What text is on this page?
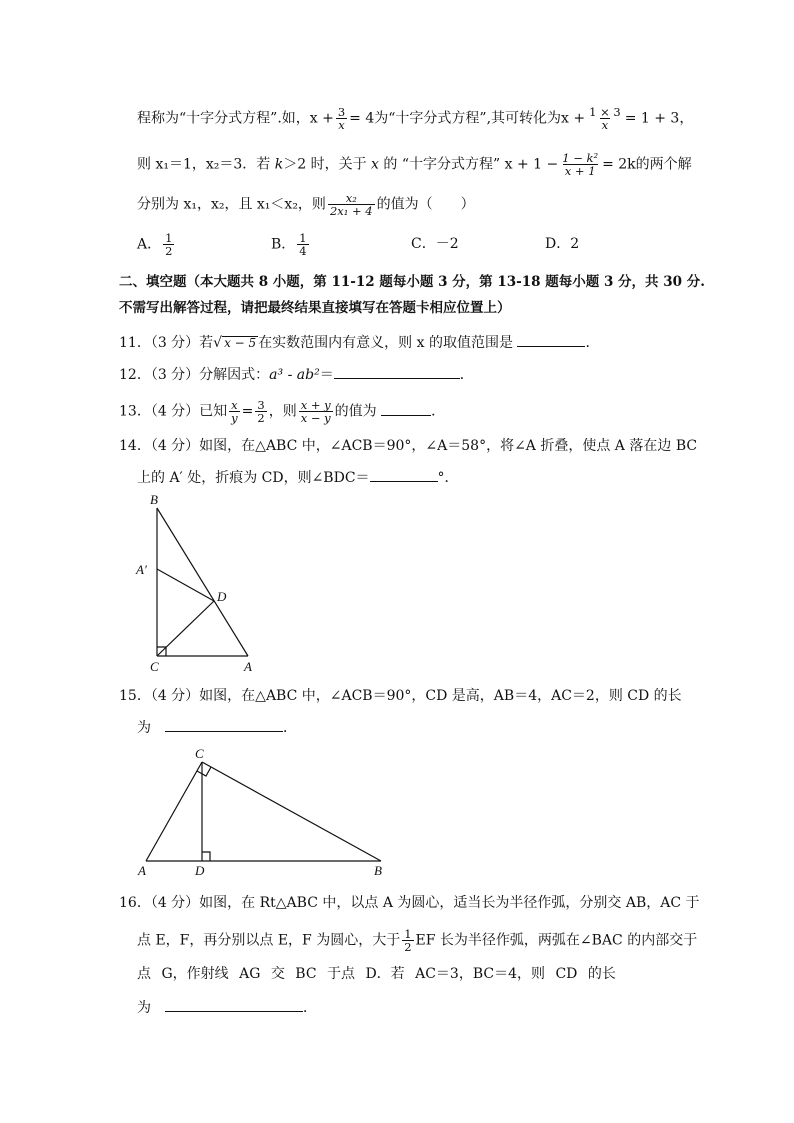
程称为“十字分式方程”.如，$x + \frac{3}{x} = 4$为“十字分式方程”,其可转化为$x + \frac{1 \times 3}{x} = 1 + 3$，
则 x₁＝1，x₂＝3．若 k＞2 时，关于 x 的 “十字分式方程” $x + 1 - \frac{\text{1 − k²}}{x + 1} = 2k$的两个解
分别为 x₁，x₂，且 x₁＜x₂，则 $\frac{\text{x₂}}{\text{2x₁ + 4}}$ 的值为（　　）
A． $\frac{1}{2}$	B． $\frac{1}{4}$	C．－2	D．2
二、填空题（本大题共 8 小题，第 11-12 题每小题 3 分，第 13-18 题每小题 3 分，共 30 分.
不需写出解答过程，请把最终结果直接填写在答题卡相应位置上）
11．（3 分）若√ x − 5 在实数范围内有意义，则 x 的取值范围是	．
12．（3 分）分解因式：a³ - ab²＝	．
13．（4 分）已知 $\frac{x}{y} = \frac{3}{2}$ ，则 $\frac{x + y}{x - y}$ 的值为	．
14．（4 分）如图，在△ABC 中，∠ACB＝90°，∠A＝58°，将∠A 折叠，使点 A 落在边 BC
上的 A′ 处，折痕为 CD，则∠BDC＝	°．
B
A′
D
C	A
15．（4 分）如图，在△ABC 中，∠ACB＝90°，CD 是高，AB＝4，AC＝2，则 CD 的长
为　	．
C
A	D	B
16．（4 分）如图，在 Rt△ABC 中，以点 A 为圆心，适当长为半径作弧，分别交 AB，AC 于
点 E，F，再分别以点 E，F 为圆心，大于 $\frac{1}{2}$ EF 长为半径作弧，两弧在∠BAC 的内部交于
点 G，作射线 AG 交 BC 于点 D．若 AC＝3，BC＝4，则 CD 的长
为　	．
